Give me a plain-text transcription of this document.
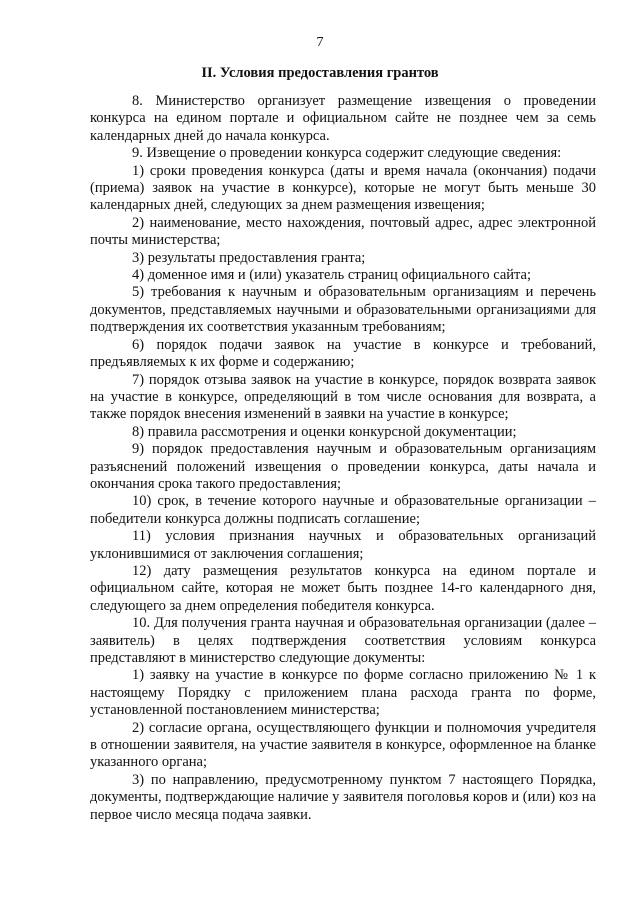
7
II. Условия предоставления грантов

8. Министерство организует размещение извещения о проведении конкурса на едином портале и официальном сайте не позднее чем за семь календарных дней до начала конкурса.

9. Извещение о проведении конкурса содержит следующие сведения:

1) сроки проведения конкурса (даты и время начала (окончания) подачи (приема) заявок на участие в конкурсе), которые не могут быть меньше 30 календарных дней, следующих за днем размещения извещения;

2) наименование, место нахождения, почтовый адрес, адрес электронной почты министерства;

3) результаты предоставления гранта;

4) доменное имя и (или) указатель страниц официального сайта;

5) требования к научным и образовательным организациям и перечень документов, представляемых научными и образовательными организациями для подтверждения их соответствия указанным требованиям;

6) порядок подачи заявок на участие в конкурсе и требований, предъявляемых к их форме и содержанию;

7) порядок отзыва заявок на участие в конкурсе, порядок возврата заявок на участие в конкурсе, определяющий в том числе основания для возврата, а также порядок внесения изменений в заявки на участие в конкурсе;

8) правила рассмотрения и оценки конкурсной документации;

9) порядок предоставления научным и образовательным организациям разъяснений положений извещения о проведении конкурса, даты начала и окончания срока такого предоставления;

10) срок, в течение которого научные и образовательные организации – победители конкурса должны подписать соглашение;

11) условия признания научных и образовательных организаций уклонившимися от заключения соглашения;

12) дату размещения результатов конкурса на едином портале и официальном сайте, которая не может быть позднее 14-го календарного дня, следующего за днем определения победителя конкурса.

10. Для получения гранта научная и образовательная организации (далее – заявитель) в целях подтверждения соответствия условиям конкурса представляют в министерство следующие документы:

1) заявку на участие в конкурсе по форме согласно приложению № 1 к настоящему Порядку с приложением плана расхода гранта по форме, установленной постановлением министерства;

2) согласие органа, осуществляющего функции и полномочия учредителя в отношении заявителя, на участие заявителя в конкурсе, оформленное на бланке указанного органа;

3) по направлению, предусмотренному пунктом 7 настоящего Порядка, документы, подтверждающие наличие у заявителя поголовья коров и (или) коз на первое число месяца подача заявки.
